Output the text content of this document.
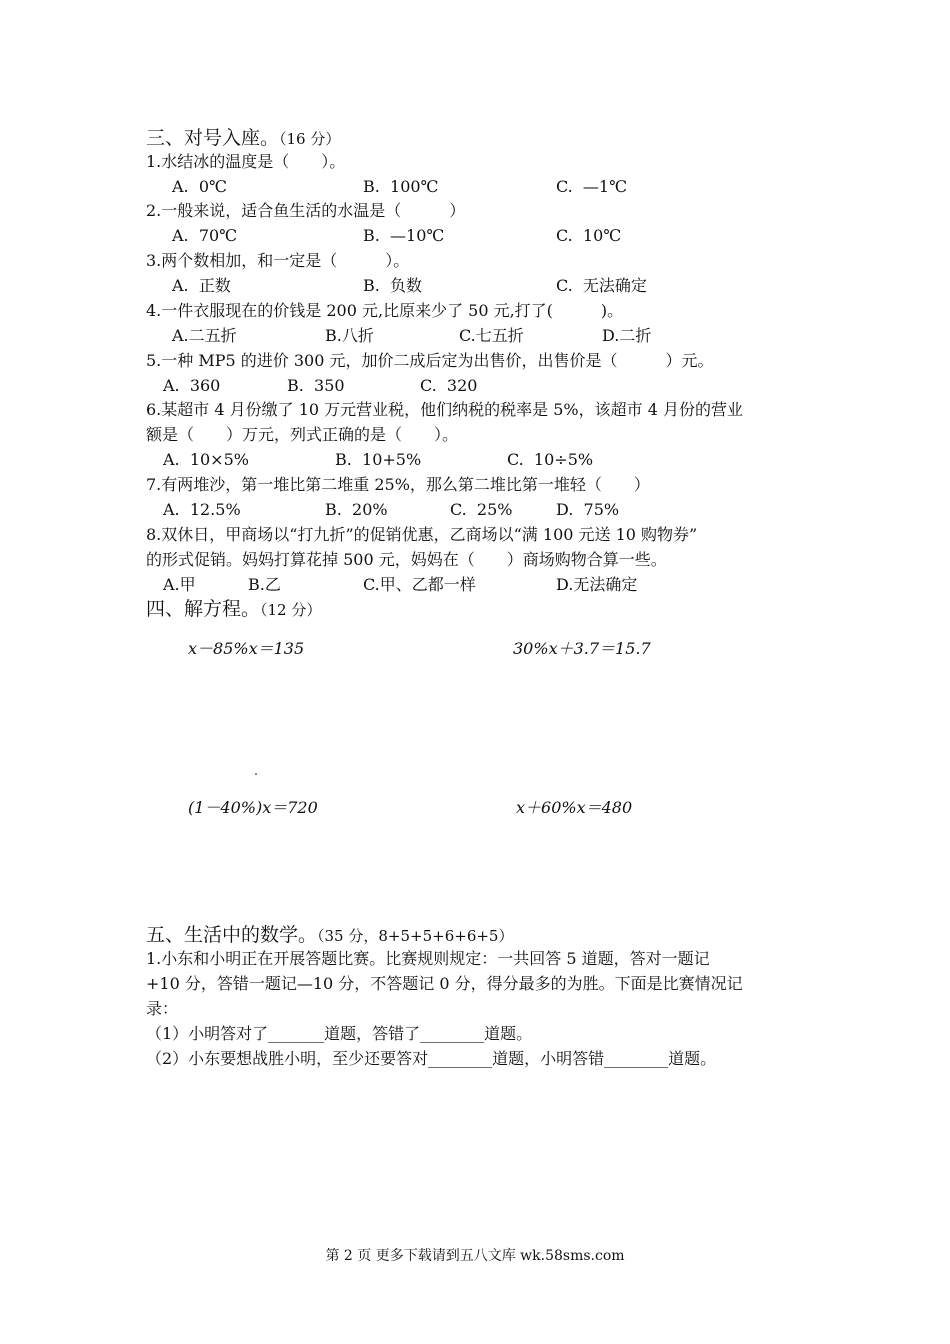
三、对号入座。（16 分）
1.水结冰的温度是（　　）。
A.  0℃	B.  100℃	C.  —1℃
2.一般来说，适合鱼生活的水温是（　　　）
A.  70℃	B.  —10℃	C.  10℃
3.两个数相加，和一定是（　　　）。
A.  正数	B.  负数	C.  无法确定
4.一件衣服现在的价钱是 200 元,比原来少了 50 元,打了(　　　)。
A.二五折	B.八折	C.七五折	D.二折
5.一种 MP5 的进价 300 元，加价二成后定为出售价，出售价是（　　　）元。
A.  360	B.  350	C.  320
6.某超市 4 月份缴了 10 万元营业税，他们纳税的税率是 5%，该超市 4 月份的营业
额是（　　）万元，列式正确的是（　　）。
A.  10×5%	B.  10+5%	C.  10÷5%
7.有两堆沙，第一堆比第二堆重 25%，那么第二堆比第一堆轻（　　）
A.  12.5%	B.  20%	C.  25%	D.  75%
8.双休日，甲商场以“打九折”的促销优惠，乙商场以“满 100 元送 10 购物券”
的形式促销。妈妈打算花掉 500 元，妈妈在（　　）商场购物合算一些。
A.甲	B.乙	C.甲、乙都一样	D.无法确定
四、解方程。（12 分）
x－85%x＝135	30%x＋3.7＝15.7
(1－40%)x＝720	x＋60%x＝480
五、生活中的数学。（35 分，8+5+5+6+6+5）
1.小东和小明正在开展答题比赛。比赛规则规定：一共回答 5 道题，答对一题记
+10 分，答错一题记—10 分，不答题记 0 分，得分最多的为胜。下面是比赛情况记
录：
（1）小明答对了_______道题，答错了________道题。
（2）小东要想战胜小明，至少还要答对________道题，小明答错________道题。
第 2 页 更多下载请到五八文库 wk.58sms.com
